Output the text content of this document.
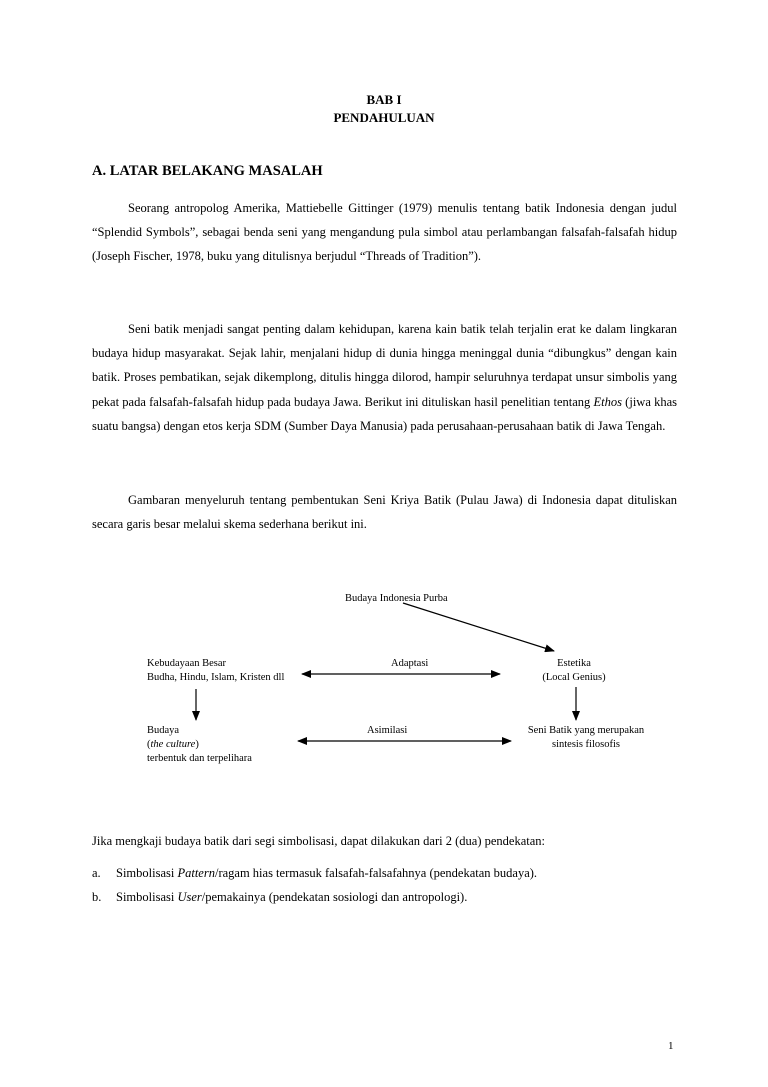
BAB I
PENDAHULUAN
A. LATAR BELAKANG MASALAH

Seorang antropolog Amerika, Mattiebelle Gittinger (1979) menulis tentang batik Indonesia dengan judul “Splendid Symbols”, sebagai benda seni yang mengandung pula simbol atau perlambangan falsafah-falsafah hidup (Joseph Fischer, 1978, buku yang ditulisnya berjudul “Threads of Tradition”).

Seni batik menjadi sangat penting dalam kehidupan, karena kain batik telah terjalin erat ke dalam lingkaran budaya hidup masyarakat. Sejak lahir, menjalani hidup di dunia hingga meninggal dunia “dibungkus” dengan kain batik. Proses pembatikan, sejak dikemplong, ditulis hingga dilorod, hampir seluruhnya terdapat unsur simbolis yang pekat pada falsafah-falsafah hidup pada budaya Jawa. Berikut ini dituliskan hasil penelitian tentang Ethos (jiwa khas suatu bangsa) dengan etos kerja SDM (Sumber Daya Manusia) pada perusahaan-perusahaan batik di Jawa Tengah.

Gambaran menyeluruh tentang pembentukan Seni Kriya Batik (Pulau Jawa) di Indonesia dapat dituliskan secara garis besar melalui skema sederhana berikut ini.

Budaya Indonesia Purba
Kebudayaan Besar
Budha, Hindu, Islam, Kristen dll
Adaptasi	Estetika
(Local Genius)
Budaya
(the culture)
terbentuk dan terpelihara
Asimilasi	Seni Batik yang merupakan
sintesis filosofis

Jika mengkaji budaya batik dari segi simbolisasi, dapat dilakukan dari 2 (dua) pendekatan:

a. Simbolisasi Pattern/ragam hias termasuk falsafah-falsafahnya (pendekatan budaya).
b. Simbolisasi User/pemakainya (pendekatan sosiologi dan antropologi).
1
